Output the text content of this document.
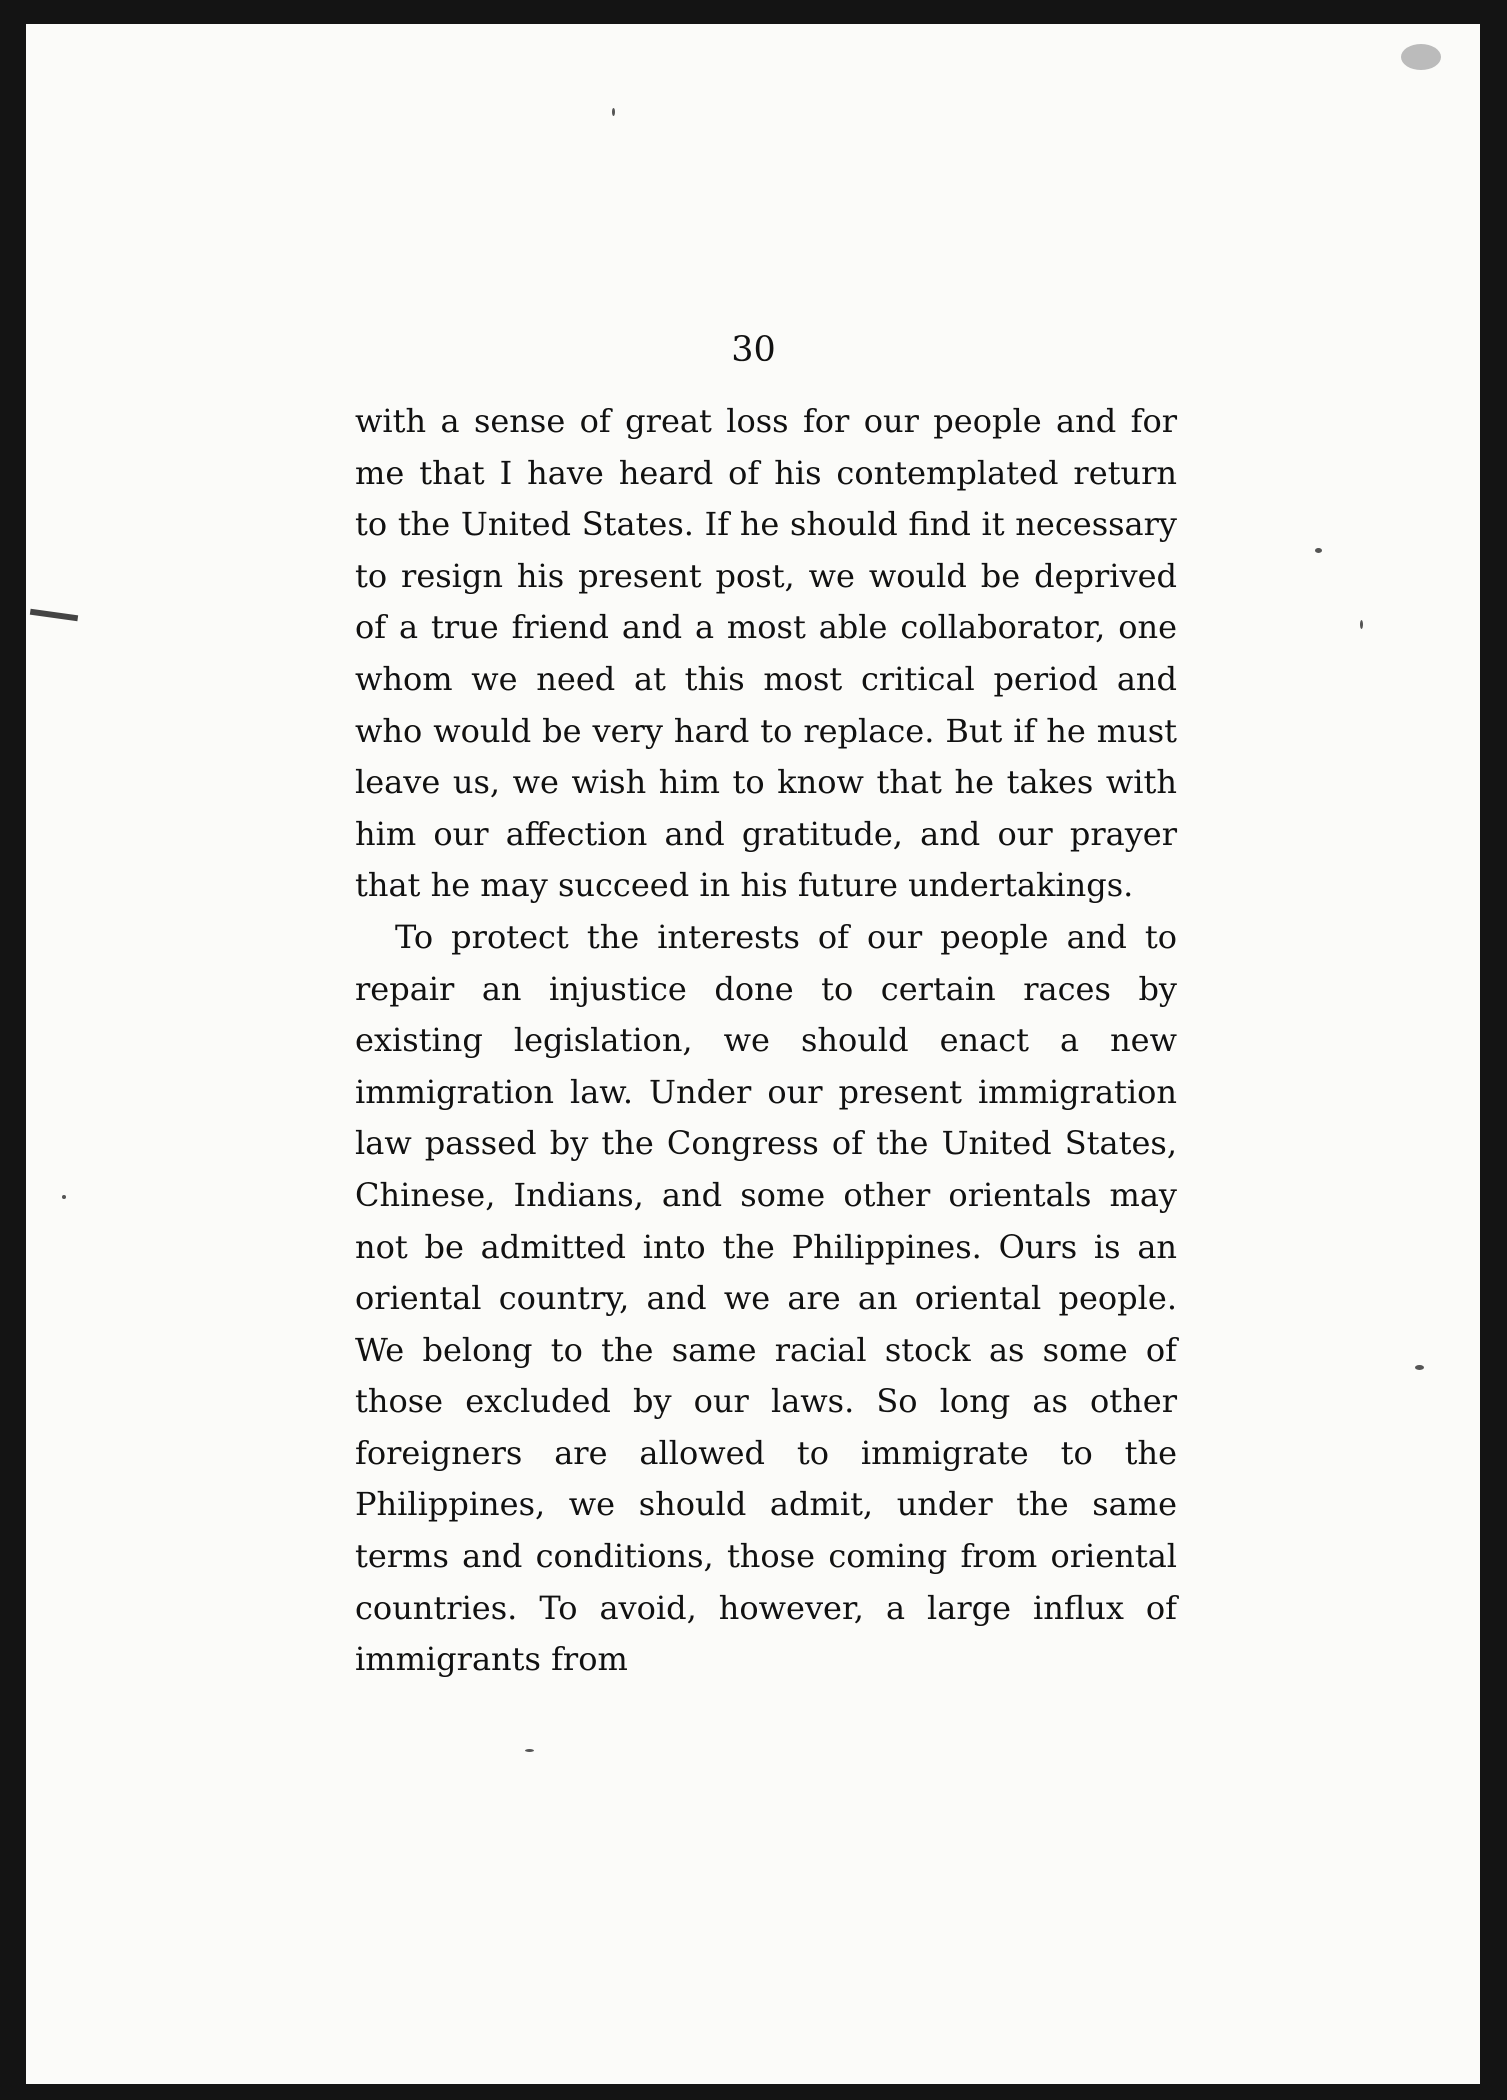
30

with a sense of great loss for our people and for me that I have heard of his contemplated return to the United States. If he should find it necessary to resign his present post, we would be deprived of a true friend and a most able collaborator, one whom we need at this most critical period and who would be very hard to replace. But if he must leave us, we wish him to know that he takes with him our affection and gratitude, and our prayer that he may succeed in his future undertakings.

To protect the interests of our people and to repair an injustice done to certain races by existing legislation, we should enact a new immigration law. Under our present immigration law passed by the Congress of the United States, Chinese, Indians, and some other orientals may not be admitted into the Philippines. Ours is an oriental country, and we are an oriental people. We belong to the same racial stock as some of those excluded by our laws. So long as other foreigners are allowed to immigrate to the Philippines, we should admit, under the same terms and conditions, those coming from oriental countries. To avoid, however, a large influx of immigrants from
